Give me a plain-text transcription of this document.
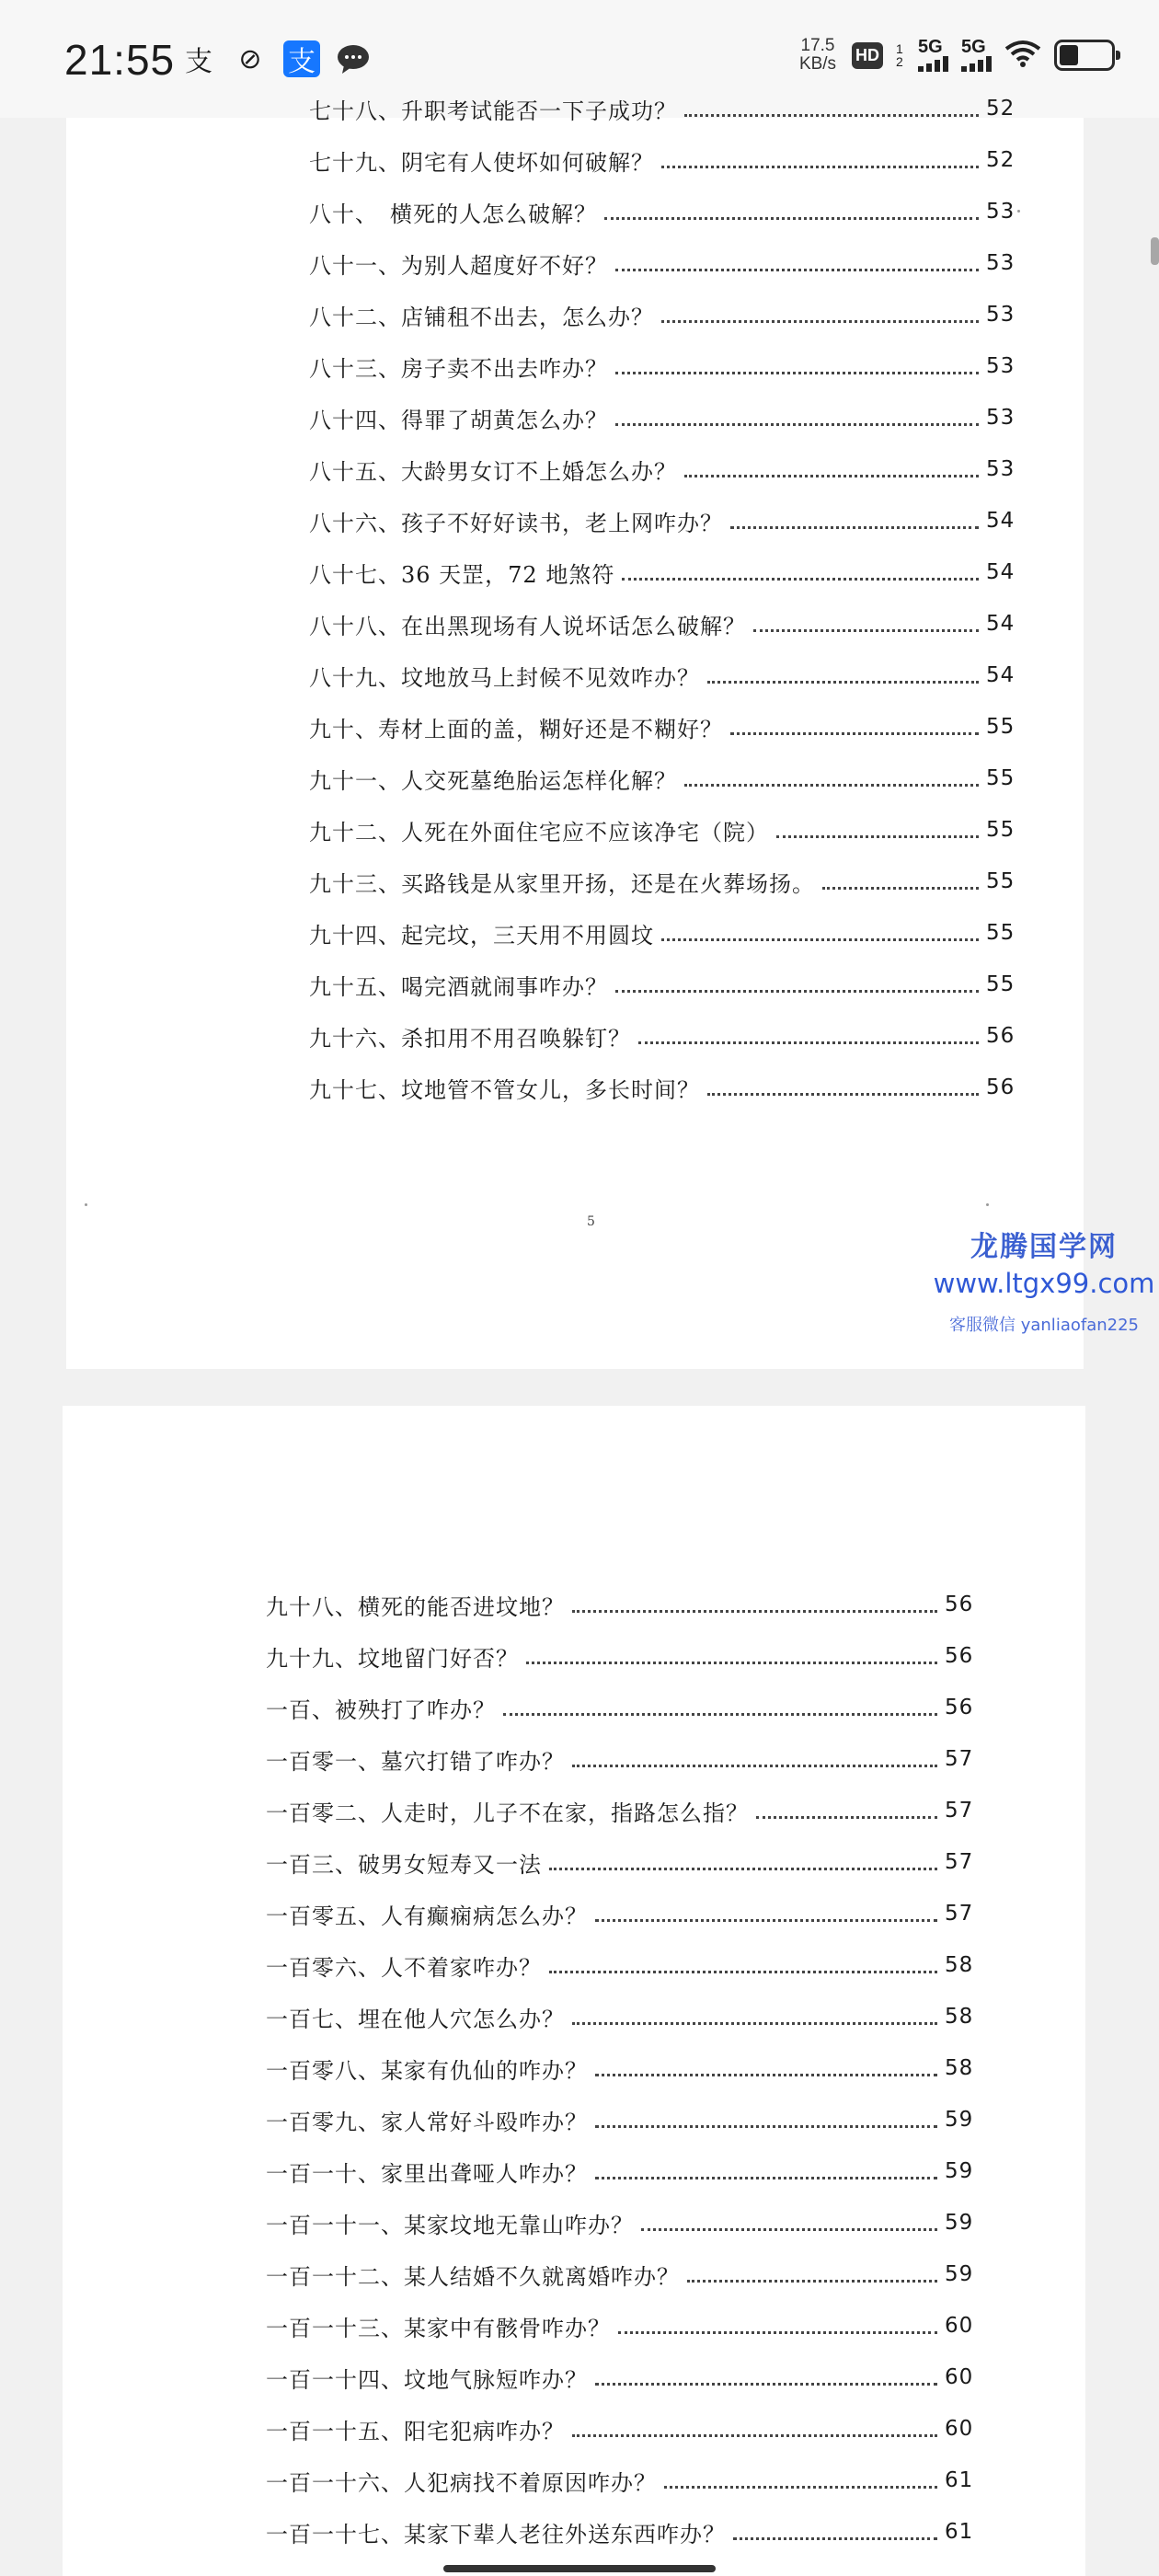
21:55 支 ⊘ 支
17.5
KB/s HD 1 2
5G 5G
七十八、升职考试能否一下子成功？	52
七十九、阴宅有人使坏如何破解？	52
八十、　横死的人怎么破解？	53
八十一、为别人超度好不好？	53
八十二、店铺租不出去，怎么办？	53
八十三、房子卖不出去咋办？	53
八十四、得罪了胡黄怎么办？	53
八十五、大龄男女订不上婚怎么办？	53
八十六、孩子不好好读书，老上网咋办？	54
八十七、36 天罡，72 地煞符	54
八十八、在出黑现场有人说坏话怎么破解？	54
八十九、坟地放马上封候不见效咋办？	54
九十、寿材上面的盖，糊好还是不糊好？	55
九十一、人交死墓绝胎运怎样化解？	55
九十二、人死在外面住宅应不应该净宅（院）	55
九十三、买路钱是从家里开扬，还是在火葬场扬。	55
九十四、起完坟，三天用不用圆坟	55
九十五、喝完酒就闹事咋办？	55
九十六、杀扣用不用召唤躲钉？	56
九十七、坟地管不管女儿，多长时间？	56
5
九十八、横死的能否进坟地？	56
九十九、坟地留门好否？	56
一百、被殃打了咋办？	56
一百零一、墓穴打错了咋办？	57
一百零二、人走时，儿子不在家，指路怎么指？	57
一百三、破男女短寿又一法	57
一百零五、人有癫痫病怎么办？	57
一百零六、人不着家咋办？	58
一百七、埋在他人穴怎么办？	58
一百零八、某家有仇仙的咋办？	58
一百零九、家人常好斗殴咋办？	59
一百一十、家里出聋哑人咋办？	59
一百一十一、某家坟地无靠山咋办？	59
一百一十二、某人结婚不久就离婚咋办？	59
一百一十三、某家中有骸骨咋办？	60
一百一十四、坟地气脉短咋办？	60
一百一十五、阳宅犯病咋办？	60
一百一十六、人犯病找不着原因咋办？	61
一百一十七、某家下辈人老往外送东西咋办？	61
龙腾国学网
www.ltgx99.com
客服微信 yanliaofan225
